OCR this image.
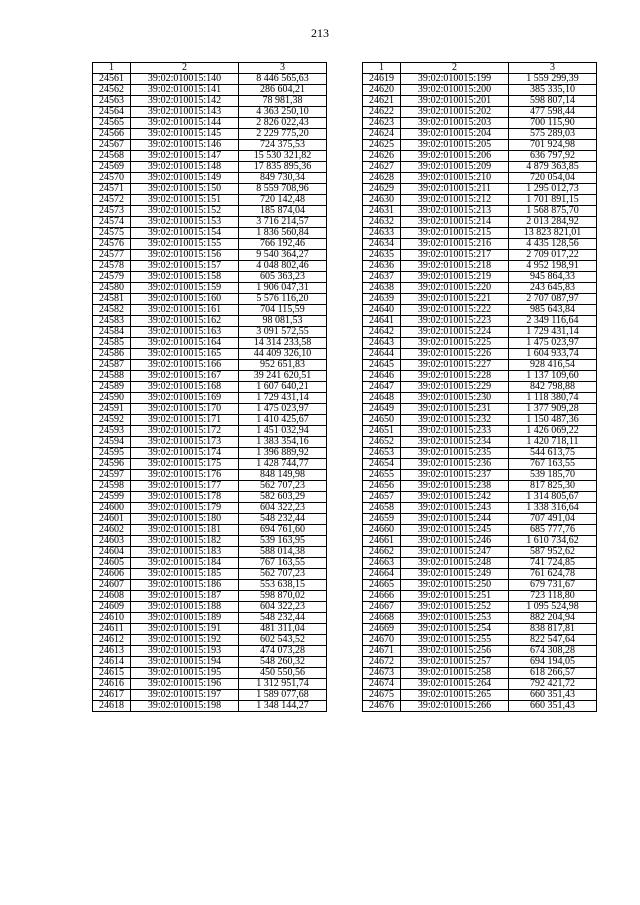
213
1	2	3
24561	39:02:010015:140	8 446 565,63
24562	39:02:010015:141	286 604,21
24563	39:02:010015:142	78 981,38
24564	39:02:010015:143	4 363 250,10
24565	39:02:010015:144	2 826 022,43
24566	39:02:010015:145	2 229 775,20
24567	39:02:010015:146	724 375,53
24568	39:02:010015:147	15 530 321,82
24569	39:02:010015:148	17 835 895,36
24570	39:02:010015:149	849 730,34
24571	39:02:010015:150	8 559 708,96
24572	39:02:010015:151	720 142,48
24573	39:02:010015:152	185 874,04
24574	39:02:010015:153	3 716 214,57
24575	39:02:010015:154	1 836 560,84
24576	39:02:010015:155	766 192,46
24577	39:02:010015:156	9 540 364,27
24578	39:02:010015:157	4 048 802,46
24579	39:02:010015:158	605 363,23
24580	39:02:010015:159	1 906 047,31
24581	39:02:010015:160	5 576 116,20
24582	39:02:010015:161	704 115,59
24583	39:02:010015:162	98 081,53
24584	39:02:010015:163	3 091 572,55
24585	39:02:010015:164	14 314 233,58
24586	39:02:010015:165	44 409 326,10
24587	39:02:010015:166	952 651,83
24588	39:02:010015:167	39 241 620,51
24589	39:02:010015:168	1 607 640,21
24590	39:02:010015:169	1 729 431,14
24591	39:02:010015:170	1 475 023,97
24592	39:02:010015:171	1 410 425,67
24593	39:02:010015:172	1 451 032,94
24594	39:02:010015:173	1 383 354,16
24595	39:02:010015:174	1 396 889,92
24596	39:02:010015:175	1 428 744,77
24597	39:02:010015:176	848 149,98
24598	39:02:010015:177	562 707,23
24599	39:02:010015:178	582 603,29
24600	39:02:010015:179	604 322,23
24601	39:02:010015:180	548 232,44
24602	39:02:010015:181	694 761,60
24603	39:02:010015:182	539 163,95
24604	39:02:010015:183	588 014,38
24605	39:02:010015:184	767 163,55
24606	39:02:010015:185	562 707,23
24607	39:02:010015:186	553 638,15
24608	39:02:010015:187	598 870,02
24609	39:02:010015:188	604 322,23
24610	39:02:010015:189	548 232,44
24611	39:02:010015:191	481 311,04
24612	39:02:010015:192	602 543,52
24613	39:02:010015:193	474 073,28
24614	39:02:010015:194	548 260,32
24615	39:02:010015:195	450 550,56
24616	39:02:010015:196	1 312 951,74
24617	39:02:010015:197	1 589 077,68
24618	39:02:010015:198	1 348 144,27
1	2	3
24619	39:02:010015:199	1 559 299,39
24620	39:02:010015:200	385 335,10
24621	39:02:010015:201	598 807,14
24622	39:02:010015:202	477 598,44
24623	39:02:010015:203	700 115,90
24624	39:02:010015:204	575 289,03
24625	39:02:010015:205	701 924,98
24626	39:02:010015:206	636 797,92
24627	39:02:010015:209	4 879 363,85
24628	39:02:010015:210	720 054,04
24629	39:02:010015:211	1 295 012,73
24630	39:02:010015:212	1 701 891,15
24631	39:02:010015:213	1 568 875,70
24632	39:02:010015:214	2 013 284,92
24633	39:02:010015:215	13 823 821,01
24634	39:02:010015:216	4 435 128,56
24635	39:02:010015:217	2 709 017,22
24636	39:02:010015:218	4 952 198,91
24637	39:02:010015:219	945 864,33
24638	39:02:010015:220	243 645,83
24639	39:02:010015:221	2 707 087,97
24640	39:02:010015:222	985 643,84
24641	39:02:010015:223	2 349 116,64
24642	39:02:010015:224	1 729 431,14
24643	39:02:010015:225	1 475 023,97
24644	39:02:010015:226	1 604 933,74
24645	39:02:010015:227	928 416,54
24646	39:02:010015:228	1 137 109,60
24647	39:02:010015:229	842 798,88
24648	39:02:010015:230	1 118 380,74
24649	39:02:010015:231	1 377 909,28
24650	39:02:010015:232	1 150 487,36
24651	39:02:010015:233	1 426 069,22
24652	39:02:010015:234	1 420 718,11
24653	39:02:010015:235	544 613,75
24654	39:02:010015:236	767 163,55
24655	39:02:010015:237	539 185,70
24656	39:02:010015:238	817 825,30
24657	39:02:010015:242	1 314 805,67
24658	39:02:010015:243	1 338 316,64
24659	39:02:010015:244	707 491,04
24660	39:02:010015:245	685 777,76
24661	39:02:010015:246	1 610 734,62
24662	39:02:010015:247	587 952,62
24663	39:02:010015:248	741 724,85
24664	39:02:010015:249	761 624,78
24665	39:02:010015:250	679 731,67
24666	39:02:010015:251	723 118,80
24667	39:02:010015:252	1 095 524,98
24668	39:02:010015:253	882 204,94
24669	39:02:010015:254	838 817,81
24670	39:02:010015:255	822 547,64
24671	39:02:010015:256	674 308,28
24672	39:02:010015:257	694 194,05
24673	39:02:010015:258	618 266,57
24674	39:02:010015:264	792 421,72
24675	39:02:010015:265	660 351,43
24676	39:02:010015:266	660 351,43
